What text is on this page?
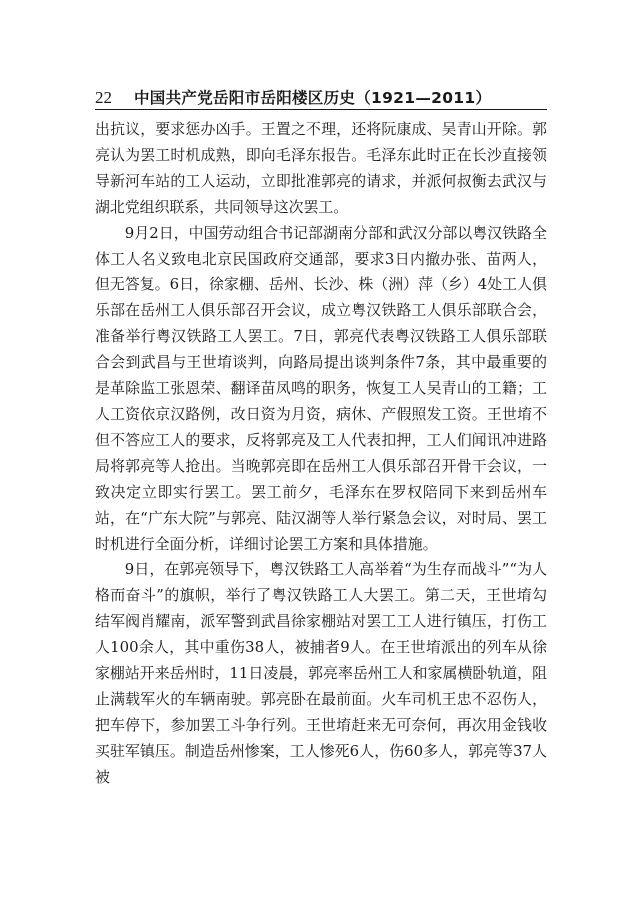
22 中国共产党岳阳市岳阳楼区历史（1921—2011）

出抗议，要求惩办凶手。王置之不理，还将阮康成、吴青山开除。郭亮认为罢工时机成熟，即向毛泽东报告。毛泽东此时正在长沙直接领导新河车站的工人运动，立即批准郭亮的请求，并派何叔衡去武汉与湖北党组织联系，共同领导这次罢工。

9月2日，中国劳动组合书记部湖南分部和武汉分部以粤汉铁路全体工人名义致电北京民国政府交通部，要求3日内撤办张、苗两人，但无答复。6日，徐家棚、岳州、长沙、株（洲）萍（乡）4处工人俱乐部在岳州工人俱乐部召开会议，成立粤汉铁路工人俱乐部联合会，准备举行粤汉铁路工人罢工。7日，郭亮代表粤汉铁路工人俱乐部联合会到武昌与王世堉谈判，向路局提出谈判条件7条，其中最重要的是革除监工张恩荣、翻译苗凤鸣的职务，恢复工人吴青山的工籍；工人工资依京汉路例，改日资为月资，病休、产假照发工资。王世堉不但不答应工人的要求，反将郭亮及工人代表扣押，工人们闻讯冲进路局将郭亮等人抢出。当晚郭亮即在岳州工人俱乐部召开骨干会议，一致决定立即实行罢工。罢工前夕，毛泽东在罗权陪同下来到岳州车站，在“广东大院”与郭亮、陆汉湖等人举行紧急会议，对时局、罢工时机进行全面分析，详细讨论罢工方案和具体措施。

9日，在郭亮领导下，粤汉铁路工人高举着“为生存而战斗”“为人格而奋斗”的旗帜，举行了粤汉铁路工人大罢工。第二天，王世堉勾结军阀肖耀南，派军警到武昌徐家棚站对罢工工人进行镇压，打伤工人100余人，其中重伤38人，被捕者9人。在王世堉派出的列车从徐家棚站开来岳州时，11日凌晨，郭亮率岳州工人和家属横卧轨道，阻止满载军火的车辆南驶。郭亮卧在最前面。火车司机王忠不忍伤人，把车停下，参加罢工斗争行列。王世堉赶来无可奈何，再次用金钱收买驻军镇压。制造岳州惨案，工人惨死6人，伤60多人，郭亮等37人被
